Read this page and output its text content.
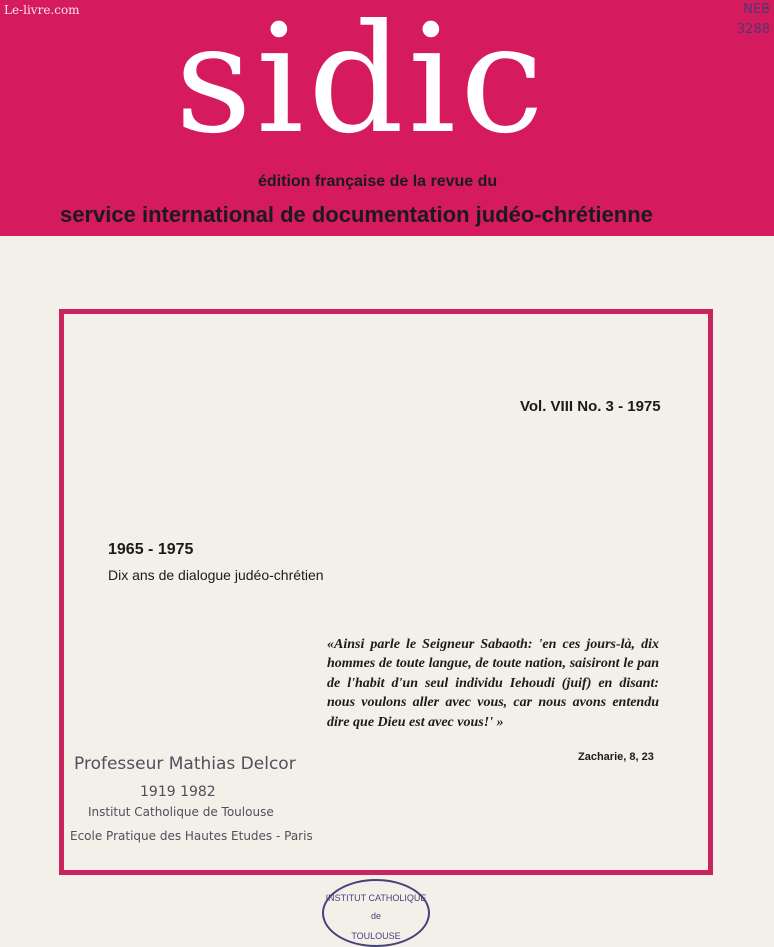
Le-livre.com	NEB
3288
sidic
édition française de la revue du
service international de documentation judéo-chrétienne
Vol. VIII No. 3 - 1975
1965 - 1975
Dix ans de dialogue judéo-chrétien

«Ainsi parle le Seigneur Sabaoth: 'en ces jours-là, dix hommes de toute langue, de toute nation, saisiront le pan de l'habit d'un seul individu Iehoudi (juif) en disant: nous voulons aller avec vous, car nous avons entendu dire que Dieu est avec vous!' »

Zacharie, 8, 23
Professeur Mathias Delcor
1919 1982
Institut Catholique de Toulouse
Ecole Pratique des Hautes Etudes - Paris
INSTITUT CATHOLIQUE
de
TOULOUSE
